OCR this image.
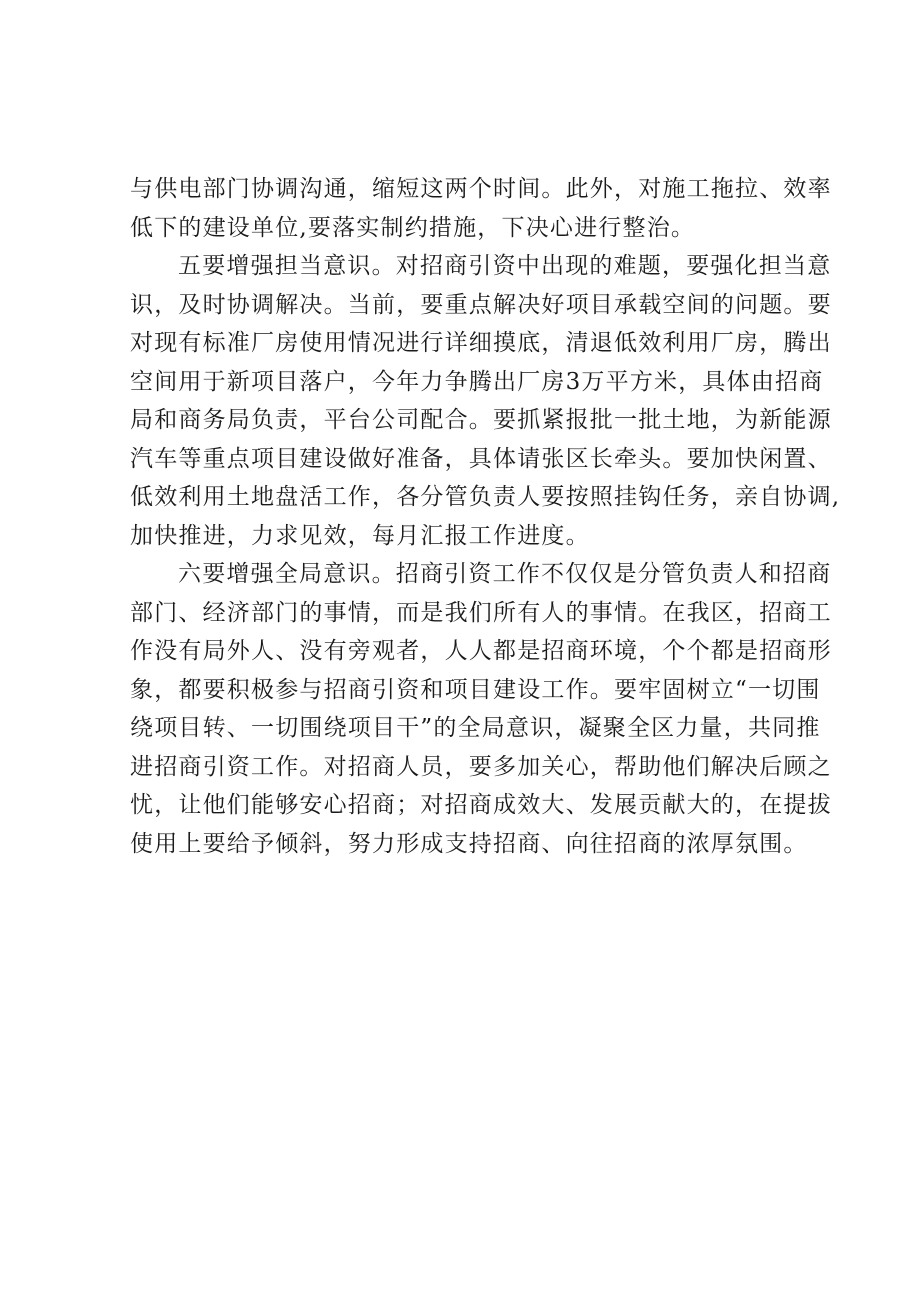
与供电部门协调沟通，缩短这两个时间。此外，对施工拖拉、效率
低下的建设单位,要落实制约措施，下决心进行整治。
五要增强担当意识。对招商引资中出现的难题，要强化担当意
识，及时协调解决。当前，要重点解决好项目承载空间的问题。要
对现有标准厂房使用情况进行详细摸底，清退低效利用厂房，腾出
空间用于新项目落户，今年力争腾出厂房3万平方米，具体由招商
局和商务局负责，平台公司配合。要抓紧报批一批土地，为新能源
汽车等重点项目建设做好准备，具体请张区长牵头。要加快闲置、
低效利用土地盘活工作，各分管负责人要按照挂钩任务，亲自协调,
加快推进，力求见效，每月汇报工作进度。
六要增强全局意识。招商引资工作不仅仅是分管负责人和招商
部门、经济部门的事情，而是我们所有人的事情。在我区，招商工
作没有局外人、没有旁观者，人人都是招商环境，个个都是招商形
象，都要积极参与招商引资和项目建设工作。要牢固树立“一切围
绕项目转、一切围绕项目干”的全局意识，凝聚全区力量，共同推
进招商引资工作。对招商人员，要多加关心，帮助他们解决后顾之
忧，让他们能够安心招商；对招商成效大、发展贡献大的，在提拔
使用上要给予倾斜，努力形成支持招商、向往招商的浓厚氛围。
